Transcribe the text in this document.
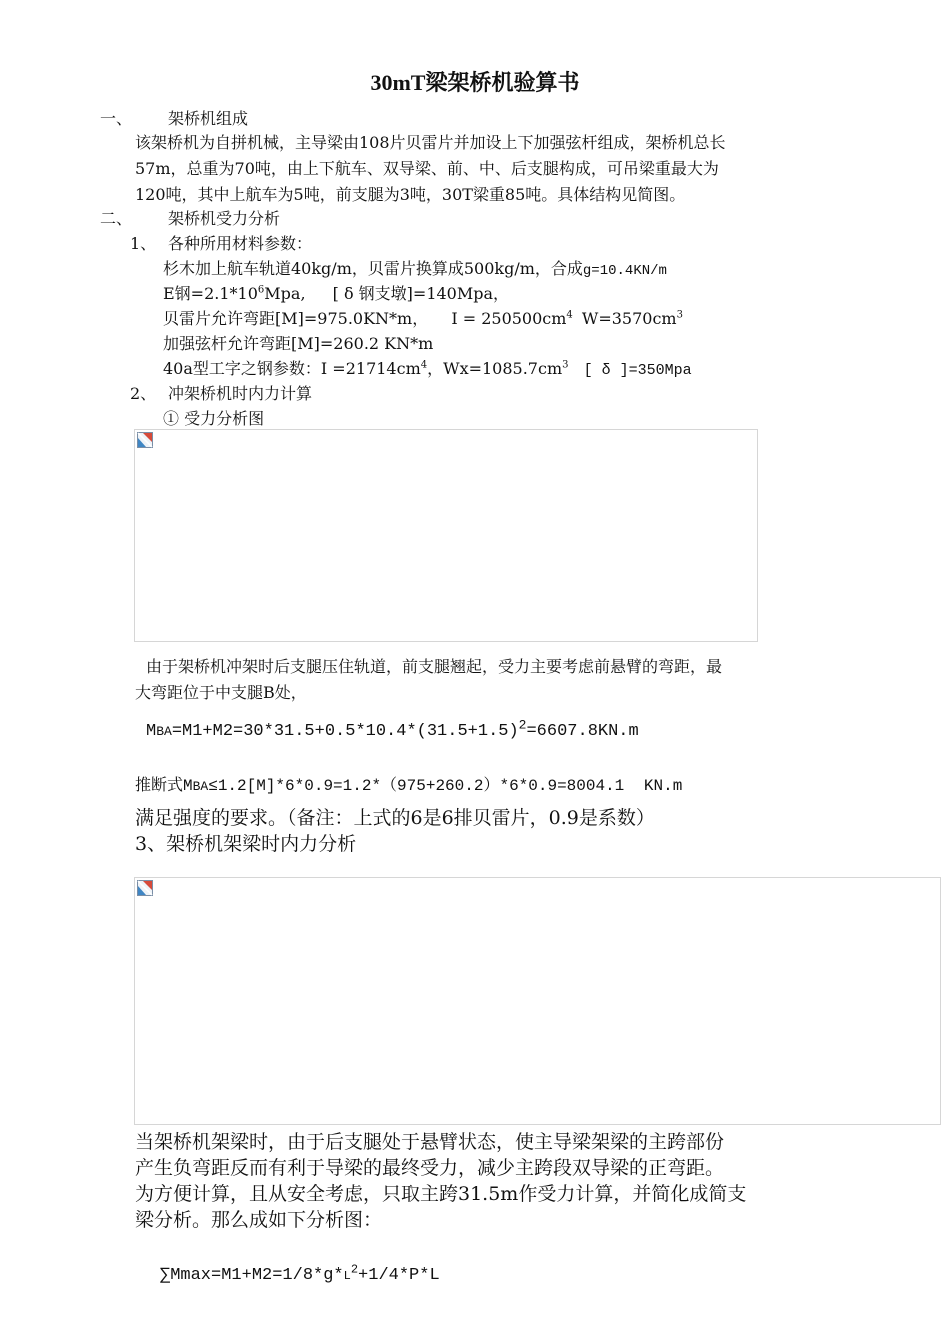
30mT梁架桥机验算书
一、 架桥机组成
该架桥机为自拼机械，主导梁由108片贝雷片并加设上下加强弦杆组成，架桥机总长
57m，总重为70吨，由上下航车、双导梁、前、中、后支腿构成，可吊梁重最大为
120吨，其中上航车为5吨，前支腿为3吨，30T梁重85吨。具体结构见简图。
二、 架桥机受力分析
1、 各种所用材料参数：
杉木加上航车轨道40kg/m，贝雷片换算成500kg/m，合成g=10.4KN/m
E钢$=2.1*10^6Mpa$, [ δ 钢支墩]=140Mpa，
贝雷片允许弯距[M]=975.0KN*m， $I = 250500cm^4$ $W=3570cm^3$
加强弦杆允许弯距[M]=260.2 KN*m
40a型工字之钢参数：$I =21714cm^4$，$Wx=1085.7cm^3$ [ δ ]=350Mpa
2、 冲架桥机时内力计算
① 受力分析图
由于架桥机冲架时后支腿压住轨道，前支腿翘起，受力主要考虑前悬臂的弯距，最
大弯距位于中支腿B处，
$MBA=M1+M2=30*31.5+0.5*10.4*(31.5+1.5)^2=6607.8KN.m$
推断式MBA≤1.2[M]*6*0.9=1.2*（975+260.2）*6*0.9=8004.1 KN.m
满足强度的要求。（备注：上式的6是6排贝雷片，0.9是系数）
3、架桥机架梁时内力分析
当架桥机架梁时，由于后支腿处于悬臂状态，使主导梁架梁的主跨部份
产生负弯距反而有利于导梁的最终受力，减少主跨段双导梁的正弯距。
为方便计算，且从安全考虑，只取主跨31.5m作受力计算，并简化成简支
梁分析。那么成如下分析图：
$\sum Mmax=M1+M2=1/8*g*L^2+1/4*P*L$
